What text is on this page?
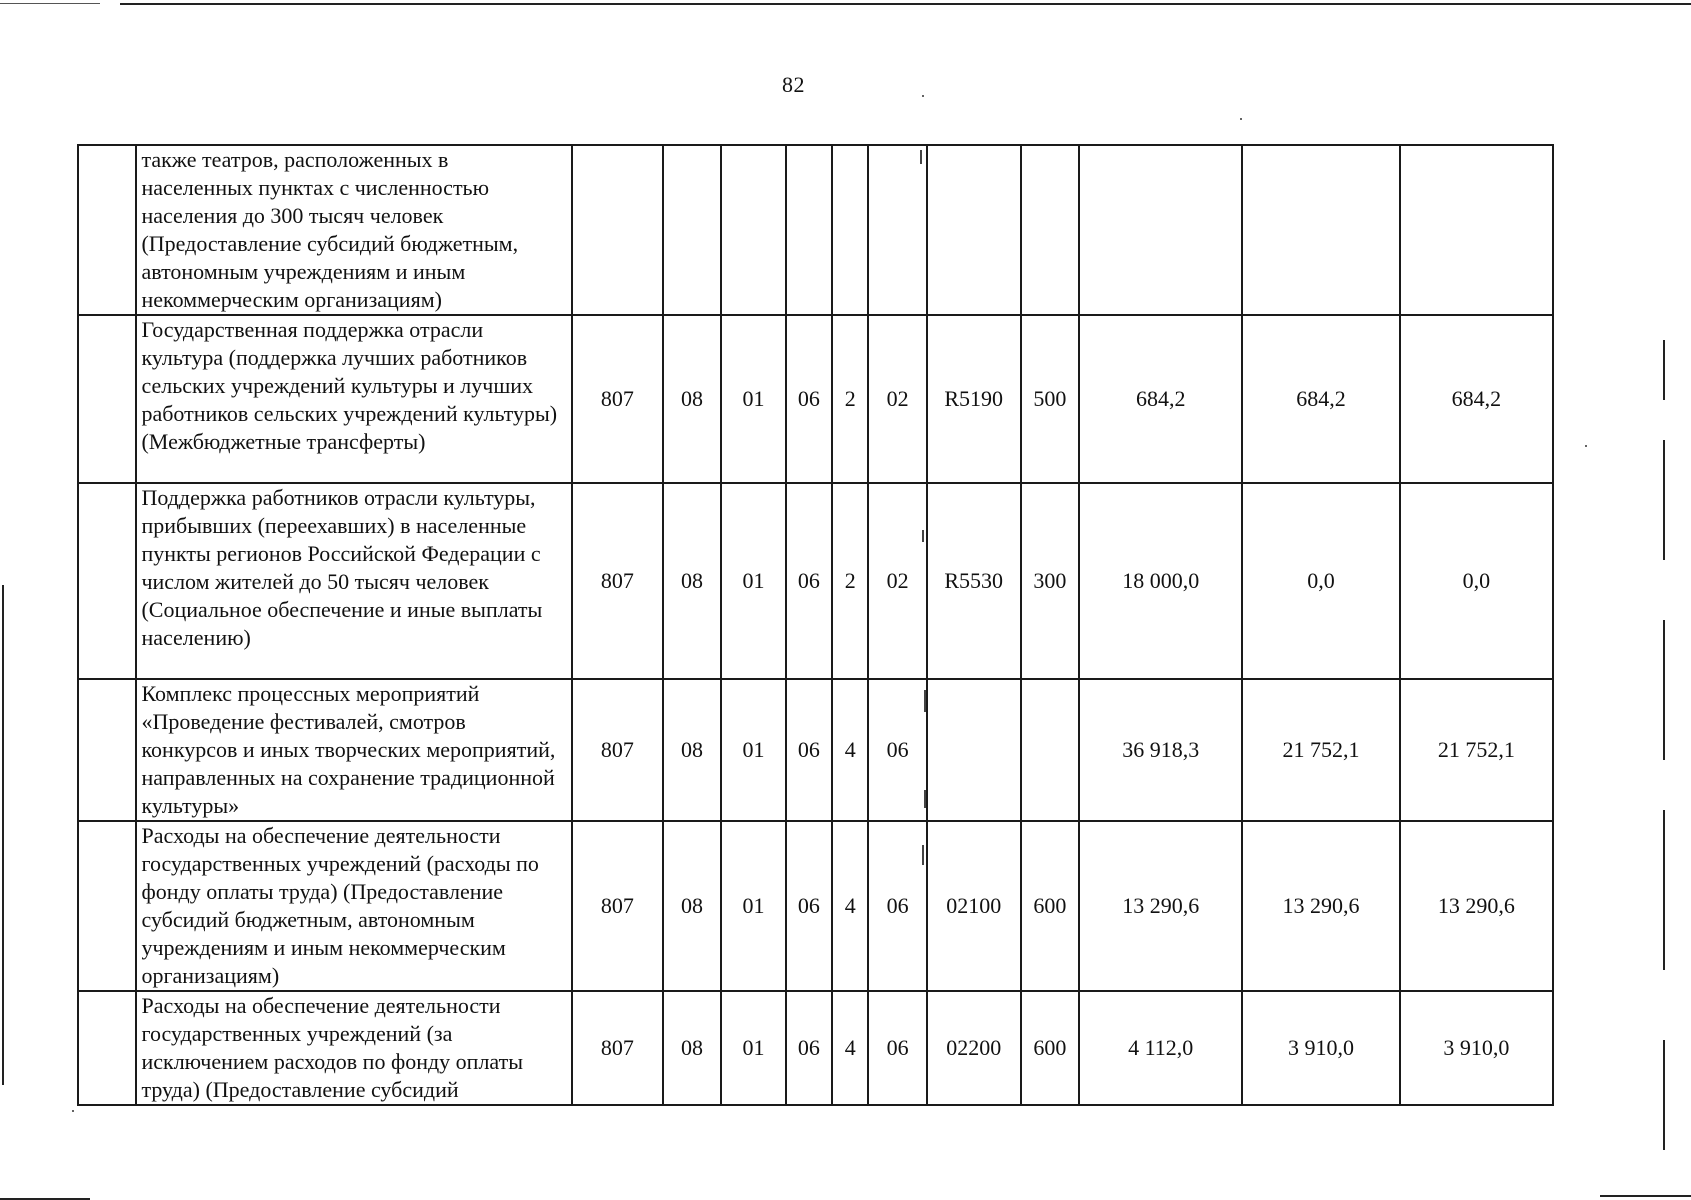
82
	также театров, расположенных в населенных пунктах с численностью населения до 300 тысяч человек (Предоставление субсидий бюджетным, автономным учреждениям и иным некоммерческим организациям)											
	Государственная поддержка отрасли культура (поддержка лучших работников сельских учреждений культуры и лучших работников сельских учреждений культуры) (Межбюджетные трансферты)	807	08	01	06	2	02	R5190	500	684,2	684,2	684,2
	Поддержка работников отрасли культуры, прибывших (переехавших) в населенные пункты регионов Российской Федерации с числом жителей до 50 тысяч человек (Социальное обеспечение и иные выплаты населению)	807	08	01	06	2	02	R5530	300	18 000,0	0,0	0,0
	Комплекс процессных мероприятий «Проведение фестивалей, смотров конкурсов и иных творческих мероприятий, направленных на сохранение традиционной культуры»	807	08	01	06	4	06			36 918,3	21 752,1	21 752,1
	Расходы на обеспечение деятельности государственных учреждений (расходы по фонду оплаты труда) (Предоставление субсидий бюджетным, автономным учреждениям и иным некоммерческим организациям)	807	08	01	06	4	06	02100	600	13 290,6	13 290,6	13 290,6
	Расходы на обеспечение деятельности государственных учреждений (за исключением расходов по фонду оплаты труда) (Предоставление субсидий	807	08	01	06	4	06	02200	600	4 112,0	3 910,0	3 910,0
